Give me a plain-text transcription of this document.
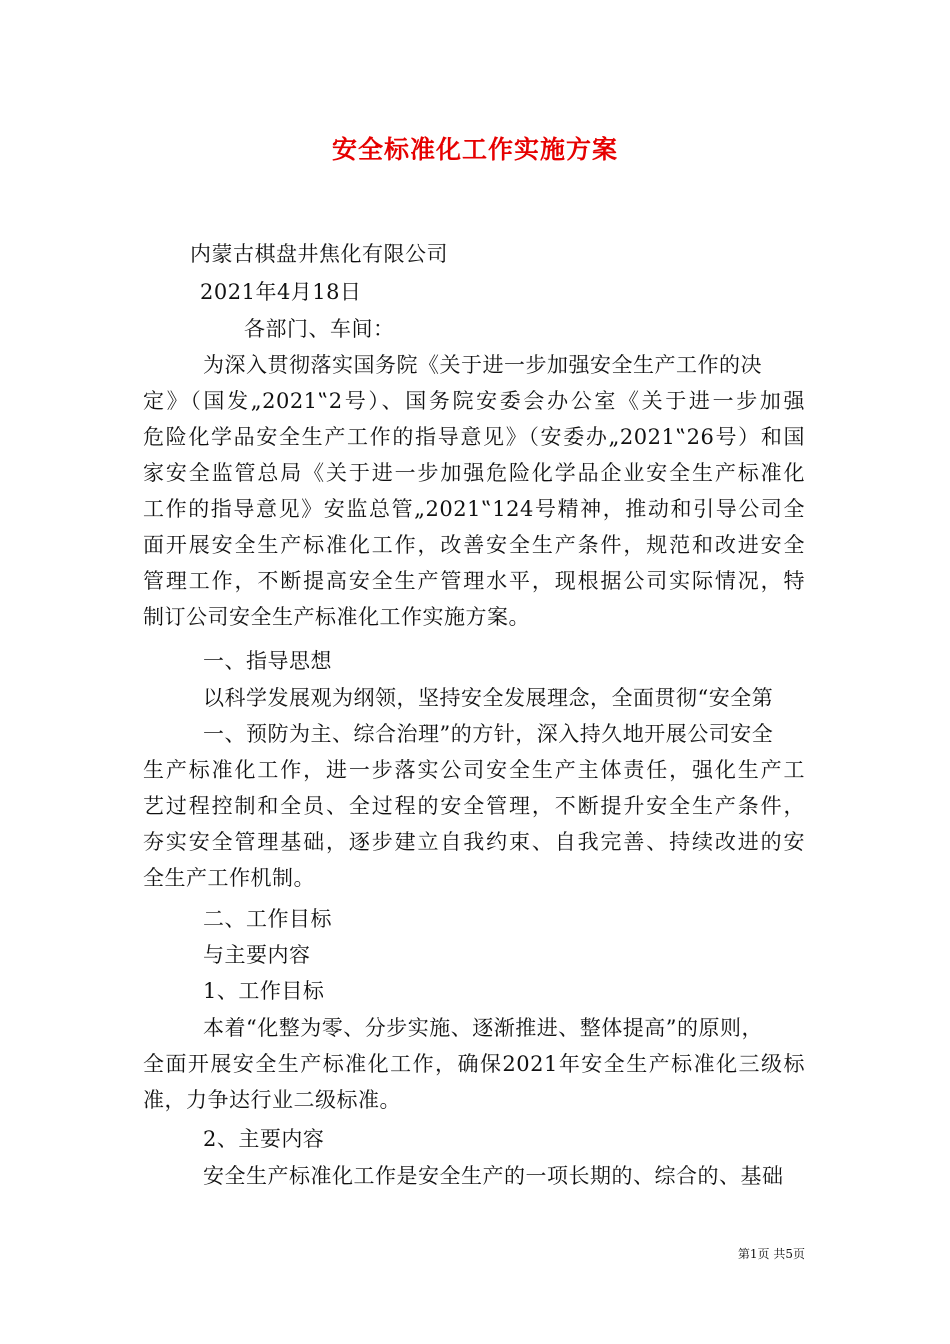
安全标准化工作实施方案
内蒙古棋盘井焦化有限公司
2021年4月18日
各部门、车间：
为深入贯彻落实国务院《关于进一步加强安全生产工作的决
定》（国发„2021‟2号）、国务院安委会办公室《关于进一步加强
危险化学品安全生产工作的指导意见》（安委办„2021‟26号）和国
家安全监管总局《关于进一步加强危险化学品企业安全生产标准化
工作的指导意见》安监总管„2021‟124号精神，推动和引导公司全
面开展安全生产标准化工作，改善安全生产条件，规范和改进安全
管理工作，不断提高安全生产管理水平，现根据公司实际情况，特
制订公司安全生产标准化工作实施方案。
一、指导思想
以科学发展观为纲领，坚持安全发展理念，全面贯彻“安全第
一、预防为主、综合治理”的方针，深入持久地开展公司安全
生产标准化工作，进一步落实公司安全生产主体责任，强化生产工
艺过程控制和全员、全过程的安全管理，不断提升安全生产条件，
夯实安全管理基础，逐步建立自我约束、自我完善、持续改进的安
全生产工作机制。
二、工作目标
与主要内容
1、工作目标
本着“化整为零、分步实施、逐渐推进、整体提高”的原则，
全面开展安全生产标准化工作，确保2021年安全生产标准化三级标
准，力争达行业二级标准。
2、主要内容
安全生产标准化工作是安全生产的一项长期的、综合的、基础
第1页 共5页
